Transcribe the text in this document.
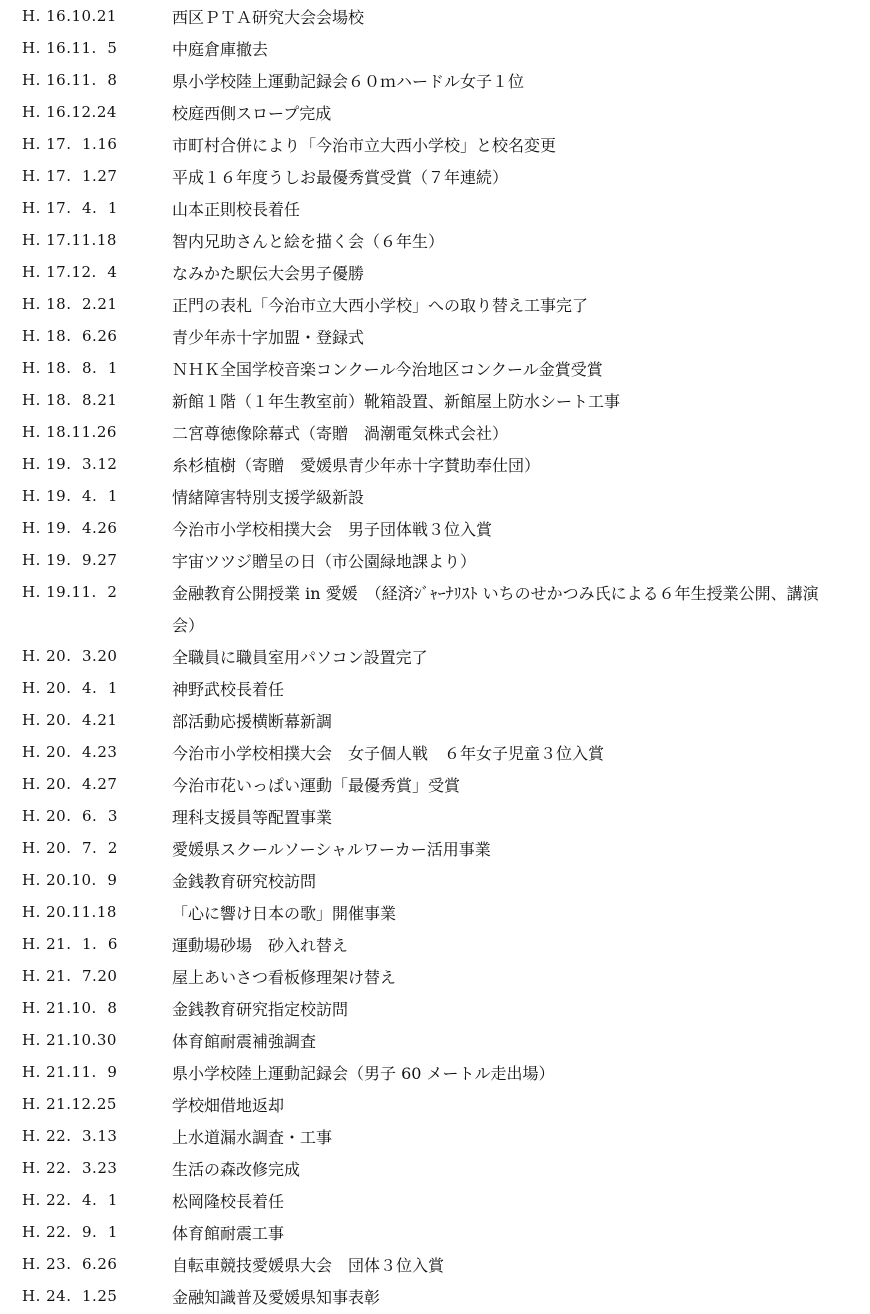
H. 16.10.21	西区ＰＴＡ研究大会会場校
H. 16.11.  5	中庭倉庫撤去
H. 16.11.  8	県小学校陸上運動記録会６０ｍハードル女子１位
H. 16.12.24	校庭西側スロープ完成
H. 17.  1.16	市町村合併により「今治市立大西小学校」と校名変更
H. 17.  1.27	平成１６年度うしお最優秀賞受賞（７年連続）
H. 17.  4.  1	山本正則校長着任
H. 17.11.18	智内兄助さんと絵を描く会（６年生）
H. 17.12.  4	なみかた駅伝大会男子優勝
H. 18.  2.21	正門の表札「今治市立大西小学校」への取り替え工事完了
H. 18.  6.26	青少年赤十字加盟・登録式
H. 18.  8.  1	ＮＨＫ全国学校音楽コンクール今治地区コンクール金賞受賞
H. 18.  8.21	新館１階（１年生教室前）靴箱設置、新館屋上防水シート工事
H. 18.11.26	二宮尊徳像除幕式（寄贈　渦潮電気株式会社）
H. 19.  3.12	糸杉植樹（寄贈　愛媛県青少年赤十字賛助奉仕団）
H. 19.  4.  1	情緒障害特別支援学級新設
H. 19.  4.26	今治市小学校相撲大会　男子団体戦３位入賞
H. 19.  9.27	宇宙ツツジ贈呈の日（市公園緑地課より）
H. 19.11.  2	金融教育公開授業 in 愛媛　（経済ｼﾞｬｰﾅﾘｽﾄ いちのせかつみ氏による６年生授業公開、講演会）
H. 20.  3.20	全職員に職員室用パソコン設置完了
H. 20.  4.  1	神野武校長着任
H. 20.  4.21	部活動応援横断幕新調
H. 20.  4.23	今治市小学校相撲大会　女子個人戦　６年女子児童３位入賞
H. 20.  4.27	今治市花いっぱい運動「最優秀賞」受賞
H. 20.  6.  3	理科支援員等配置事業
H. 20.  7.  2	愛媛県スクールソーシャルワーカー活用事業
H. 20.10.  9	金銭教育研究校訪問
H. 20.11.18	「心に響け日本の歌」開催事業
H. 21.  1.  6	運動場砂場　砂入れ替え
H. 21.  7.20	屋上あいさつ看板修理架け替え
H. 21.10.  8	金銭教育研究指定校訪問
H. 21.10.30	体育館耐震補強調査
H. 21.11.  9	県小学校陸上運動記録会（男子 60 メートル走出場）
H. 21.12.25	学校畑借地返却
H. 22.  3.13	上水道漏水調査・工事
H. 22.  3.23	生活の森改修完成
H. 22.  4.  1	松岡隆校長着任
H. 22.  9.  1	体育館耐震工事
H. 23.  6.26	自転車競技愛媛県大会　団体３位入賞
H. 24.  1.25	金融知識普及愛媛県知事表彰
